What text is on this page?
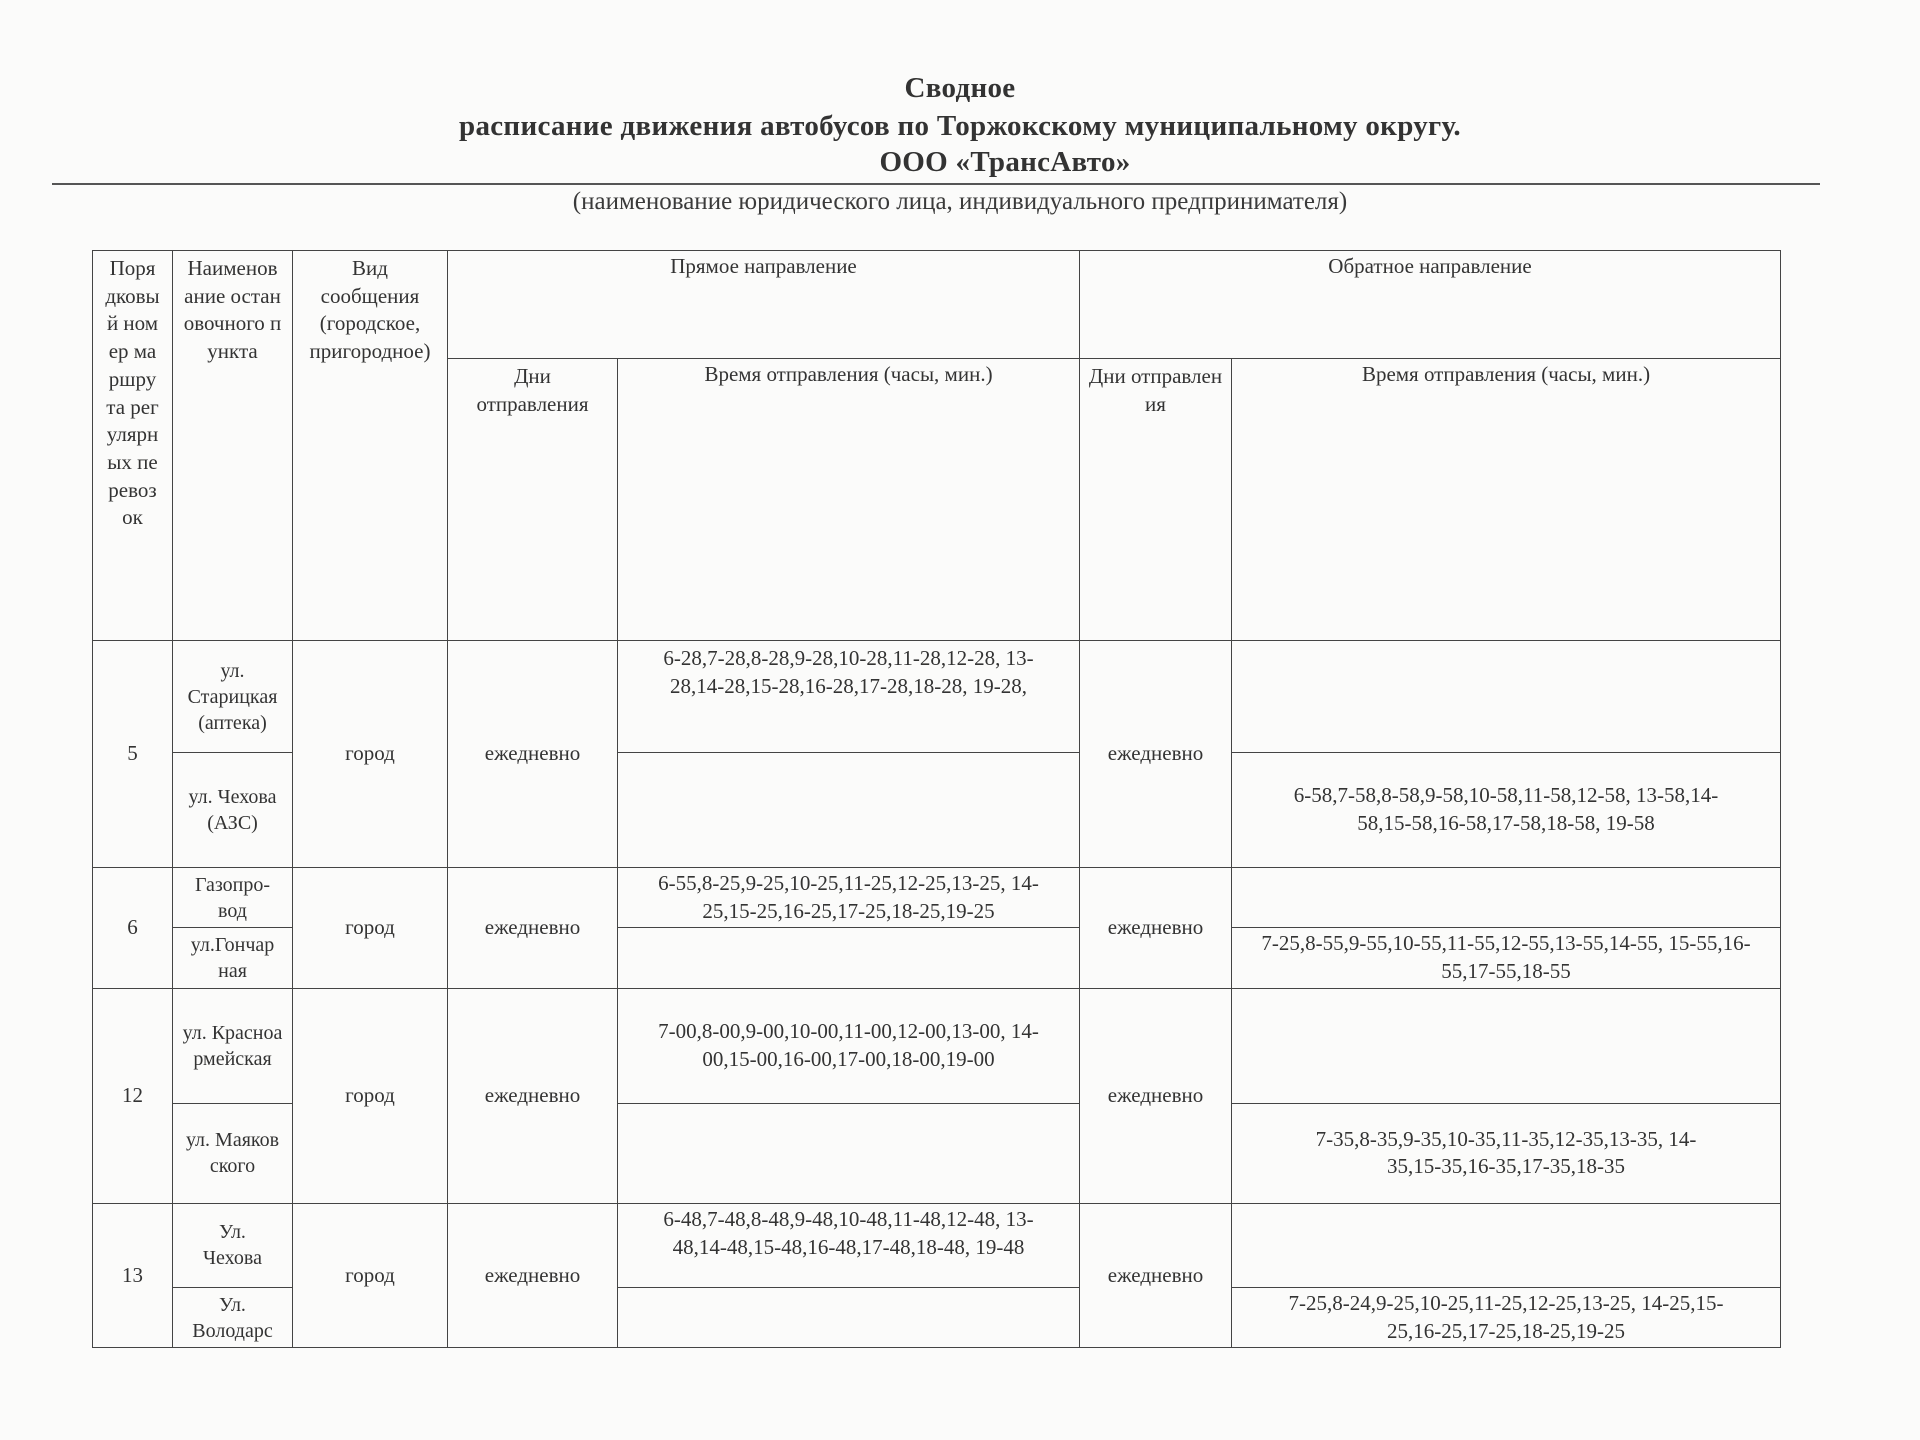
Сводное
расписание движения автобусов по Торжокскому муниципальному округу.
ООО «ТрансАвто»
(наименование юридического лица, индивидуального предпринимателя)
Порядковый номер маршрута регулярных перевозок	Наименование остановочного пункта	Вид сообщения (городское, пригородное)	Прямое направление		Обратное направление	
			Дни отправления	Время отправления (часы, мин.)	Дни отправления	Время отправления (часы, мин.)
5	ул. Старицкая (аптека)	город	ежедневно	6-28,7-28,8-28,9-28,10-28,11-28,12-28, 13-28,14-28,15-28,16-28,17-28,18-28, 19-28,	ежедневно	
	ул. Чехова (АЗС)					6-58,7-58,8-58,9-58,10-58,11-58,12-58, 13-58,14-58,15-58,16-58,17-58,18-58, 19-58
6	Газопро-вод	город	ежедневно	6-55,8-25,9-25,10-25,11-25,12-25,13-25, 14-25,15-25,16-25,17-25,18-25,19-25	ежедневно	
	ул.Гончарная					7-25,8-55,9-55,10-55,11-55,12-55,13-55,14-55, 15-55,16-55,17-55,18-55
12	ул. Красноармейская	город	ежедневно	7-00,8-00,9-00,10-00,11-00,12-00,13-00, 14-00,15-00,16-00,17-00,18-00,19-00	ежедневно	
	ул. Маяковского					7-35,8-35,9-35,10-35,11-35,12-35,13-35, 14-35,15-35,16-35,17-35,18-35
13	Ул. Чехова	город	ежедневно	6-48,7-48,8-48,9-48,10-48,11-48,12-48, 13-48,14-48,15-48,16-48,17-48,18-48, 19-48	ежедневно	
	Ул. Володарс					7-25,8-24,9-25,10-25,11-25,12-25,13-25, 14-25,15-25,16-25,17-25,18-25,19-25
